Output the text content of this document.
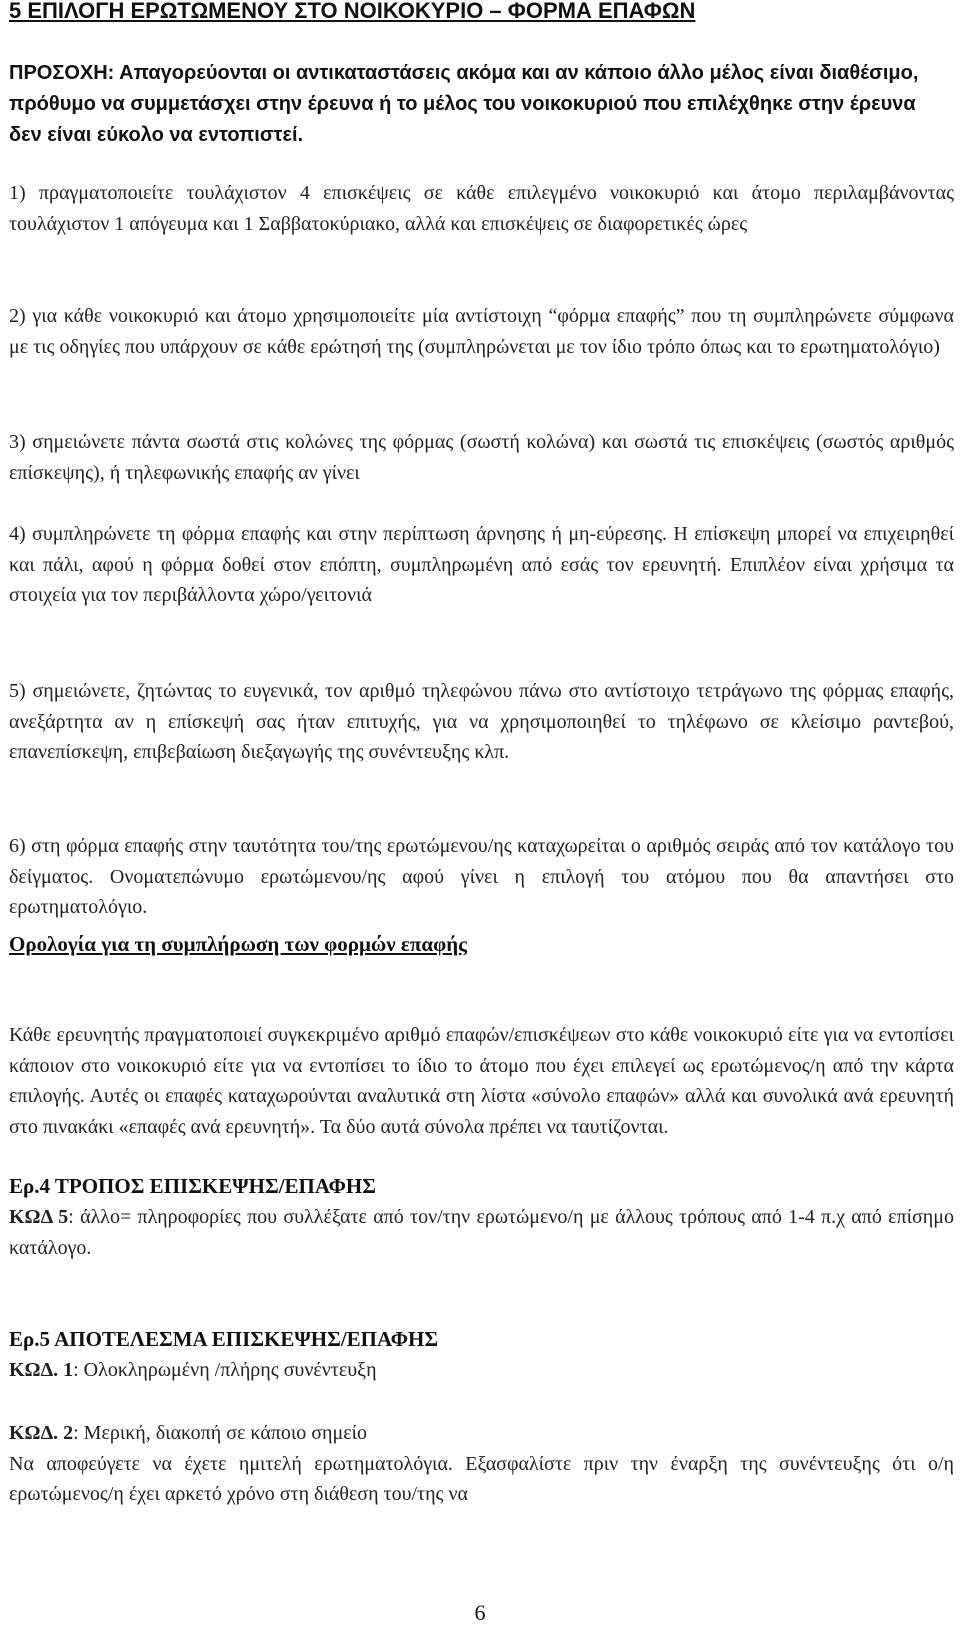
5 ΕΠΙΛΟΓΗ ΕΡΩΤΩΜΕΝΟΥ ΣΤΟ ΝΟΙΚΟΚΥΡΙΟ – ΦΟΡΜΑ ΕΠΑΦΩΝ
ΠΡΟΣΟΧΗ: Απαγορεύονται οι αντικαταστάσεις ακόμα και αν κάποιο άλλο μέλος είναι διαθέσιμο, πρόθυμο να συμμετάσχει στην έρευνα ή το μέλος του νοικοκυριού που επιλέχθηκε στην έρευνα δεν είναι εύκολο να εντοπιστεί.
1) πραγματοποιείτε τουλάχιστον 4 επισκέψεις σε κάθε επιλεγμένο νοικοκυριό και άτομο περιλαμβάνοντας τουλάχιστον 1 απόγευμα και 1 Σαββατοκύριακο, αλλά και επισκέψεις σε διαφορετικές ώρες
2) για κάθε νοικοκυριό και άτομο χρησιμοποιείτε μία αντίστοιχη “φόρμα επαφής” που τη συμπληρώνετε σύμφωνα με τις οδηγίες που υπάρχουν σε κάθε ερώτησή της (συμπληρώνεται με τον ίδιο τρόπο όπως και το ερωτηματολόγιο)
3) σημειώνετε πάντα σωστά στις κολώνες της φόρμας (σωστή κολώνα) και σωστά τις επισκέψεις (σωστός αριθμός επίσκεψης), ή τηλεφωνικής επαφής αν γίνει
4) συμπληρώνετε τη φόρμα επαφής και στην περίπτωση άρνησης ή μη-εύρεσης. Η επίσκεψη μπορεί να επιχειρηθεί και πάλι, αφού η φόρμα δοθεί στον επόπτη, συμπληρωμένη από εσάς τον ερευνητή. Επιπλέον είναι χρήσιμα τα στοιχεία για τον περιβάλλοντα χώρο/γειτονιά
5) σημειώνετε, ζητώντας το ευγενικά, τον αριθμό τηλεφώνου πάνω στο αντίστοιχο τετράγωνο της φόρμας επαφής, ανεξάρτητα αν η επίσκεψή σας ήταν επιτυχής, για να χρησιμοποιηθεί το τηλέφωνο σε κλείσιμο ραντεβού, επανεπίσκεψη, επιβεβαίωση διεξαγωγής της συνέντευξης κλπ.
6) στη φόρμα επαφής στην ταυτότητα του/της ερωτώμενου/ης καταχωρείται ο αριθμός σειράς από τον κατάλογο του δείγματος. Ονοματεπώνυμο ερωτώμενου/ης αφού γίνει η επιλογή του ατόμου που θα απαντήσει στο ερωτηματολόγιο.
Ορολογία για τη συμπλήρωση των φορμών επαφής
Κάθε ερευνητής πραγματοποιεί συγκεκριμένο αριθμό επαφών/επισκέψεων στο κάθε νοικοκυριό είτε για να εντοπίσει κάποιον στο νοικοκυριό είτε για να εντοπίσει το ίδιο το άτομο που έχει επιλεγεί ως ερωτώμενος/η από την κάρτα επιλογής. Αυτές οι επαφές καταχωρούνται αναλυτικά στη λίστα «σύνολο επαφών» αλλά και συνολικά ανά ερευνητή στο πινακάκι «επαφές ανά ερευνητή». Τα δύο αυτά σύνολα πρέπει να ταυτίζονται.
Ερ.4 ΤΡΟΠΟΣ ΕΠΙΣΚΕΨΗΣ/ΕΠΑΦΗΣ
ΚΩΔ 5: άλλο= πληροφορίες που συλλέξατε από τον/την ερωτώμενο/η με άλλους τρόπους από 1-4 π.χ από επίσημο κατάλογο.
Ερ.5 ΑΠΟΤΕΛΕΣΜΑ ΕΠΙΣΚΕΨΗΣ/ΕΠΑΦΗΣ
ΚΩΔ. 1: Ολοκληρωμένη /πλήρης συνέντευξη
ΚΩΔ. 2: Μερική, διακοπή σε κάποιο σημείο
Να αποφεύγετε να έχετε ημιτελή ερωτηματολόγια. Εξασφαλίστε πριν την έναρξη της συνέντευξης ότι ο/η ερωτώμενος/η έχει αρκετό χρόνο στη διάθεση του/της να
6
